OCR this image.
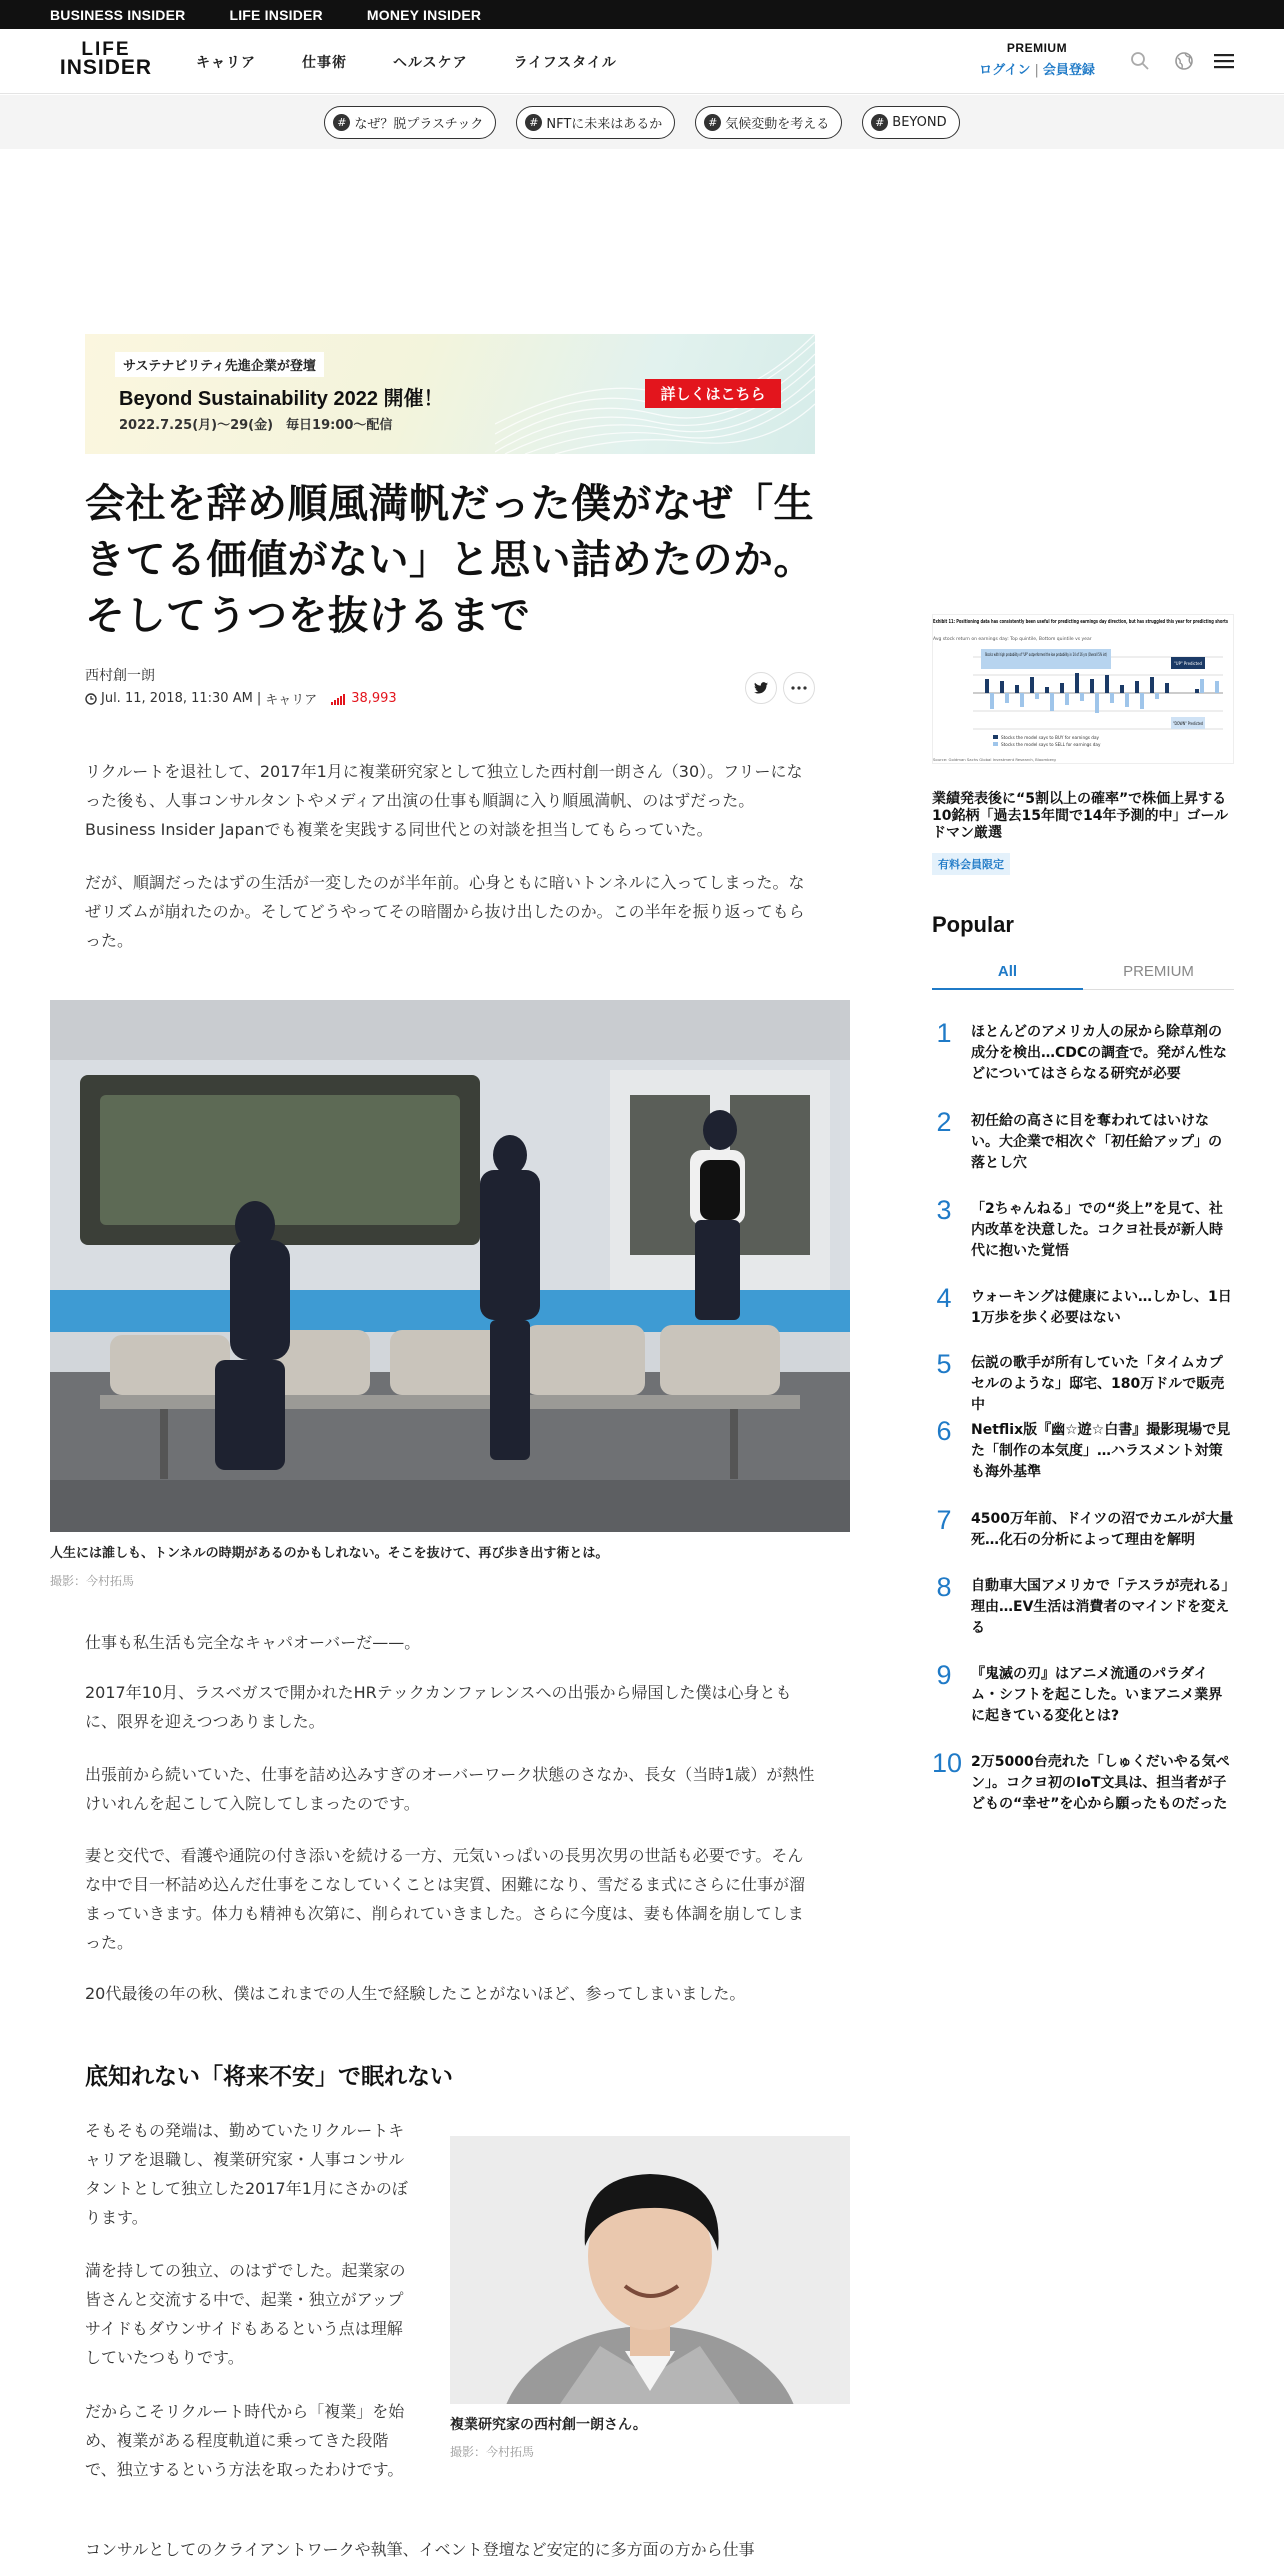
BUSINESS INSIDER	LIFE INSIDER	MONEY INSIDER
LIFE
INSIDER	キャリア	仕事術	ヘルスケア	ライフスタイル
PREMIUM
ログイン | 会員登録
# なぜ？脱プラスチック	# NFTに未来はあるか	# 気候変動を考える	# BEYOND
サステナビリティ先進企業が登壇
Beyond Sustainability 2022 開催！
2022.7.25(月)〜29(金)　毎日19:00〜配信
詳しくはこちら
会社を辞め順風満帆だった僕がなぜ「生きてる価値がない」と思い詰めたのか。そしてうつを抜けるまで
西村創一朗
Jul. 11, 2018, 11:30 AM | キャリア	38,993

リクルートを退社して、2017年1月に複業研究家として独立した西村創一朗さん（30）。フリーになった後も、人事コンサルタントやメディア出演の仕事も順調に入り順風満帆、のはずだった。Business Insider Japanでも複業を実践する同世代との対談を担当してもらっていた。

だが、順調だったはずの生活が一変したのが半年前。心身ともに暗いトンネルに入ってしまった。なぜリズムが崩れたのか。そしてどうやってその暗闇から抜け出したのか。この半年を振り返ってもらった。

人生には誰しも、トンネルの時期があるのかもしれない。そこを抜けて、再び歩き出す術とは。
撮影：今村拓馬

仕事も私生活も完全なキャパオーバーだ——。

2017年10月、ラスベガスで開かれたHRテックカンファレンスへの出張から帰国した僕は心身ともに、限界を迎えつつありました。

出張前から続いていた、仕事を詰め込みすぎのオーバーワーク状態のさなか、長女（当時1歳）が熱性けいれんを起こして入院してしまったのです。

妻と交代で、看護や通院の付き添いを続ける一方、元気いっぱいの長男次男の世話も必要です。そんな中で目一杯詰め込んだ仕事をこなしていくことは実質、困難になり、雪だるま式にさらに仕事が溜まっていきます。体力も精神も次第に、削られていきました。さらに今度は、妻も体調を崩してしまった。

20代最後の年の秋、僕はこれまでの人生で経験したことがないほど、参ってしまいました。

底知れない「将来不安」で眠れない

そもそもの発端は、勤めていたリクルートキャリアを退職し、複業研究家・人事コンサルタントとして独立した2017年1月にさかのぼります。

満を持しての独立、のはずでした。起業家の皆さんと交流する中で、起業・独立がアップサイドもダウンサイドもあるという点は理解していたつもりです。

だからこそリクルート時代から「複業」を始め、複業がある程度軌道に乗ってきた段階で、独立するという方法を取ったわけです。

複業研究家の西村創一朗さん。
撮影：今村拓馬

コンサルとしてのクライアントワークや執筆、イベント登壇など安定的に多方面の方から仕事

Exhibit 11: Positioning data has consistently been useful for predicting earnings day direction, but has struggled this year for predicting shorts
Avg stock return on earnings day: Top quintile, Bottom quintile vs year
Stocks with high probability of "UP" outperformed the low probability in 14 of 16 yrs (Overall 5% int)
"UP" Predicted
"DOWN" Predicted
Stocks the model says to BUY for earnings day
Stocks the model says to SELL for earnings day
Source: Goldman Sachs Global Investment Research, Bloomberg
業績発表後に“5割以上の確率”で株価上昇する10銘柄「過去15年間で14年予測的中」ゴールドマン厳選
有料会員限定
Popular
All	PREMIUM
1	ほとんどのアメリカ人の尿から除草剤の成分を検出…CDCの調査で。発がん性などについてはさらなる研究が必要
2	初任給の高さに目を奪われてはいけない。大企業で相次ぐ「初任給アップ」の落とし穴
3	「2ちゃんねる」での“炎上”を見て、社内改革を決意した。コクヨ社長が新人時代に抱いた覚悟
4	ウォーキングは健康によい…しかし、1日1万歩を歩く必要はない
5	伝説の歌手が所有していた「タイムカプセルのような」邸宅、180万ドルで販売中
6	Netflix版『幽☆遊☆白書』撮影現場で見た「制作の本気度」…ハラスメント対策も海外基準
7	4500万年前、ドイツの沼でカエルが大量死…化石の分析によって理由を解明
8	自動車大国アメリカで「テスラが売れる」理由…EV生活は消費者のマインドを変える
9	『鬼滅の刃』はアニメ流通のパラダイム・シフトを起こした。いまアニメ業界に起きている変化とは?
10 2万5000台売れた「しゅくだいやる気ペン」。コクヨ初のIoT文具は、担当者が子どもの“幸せ”を心から願ったものだった
